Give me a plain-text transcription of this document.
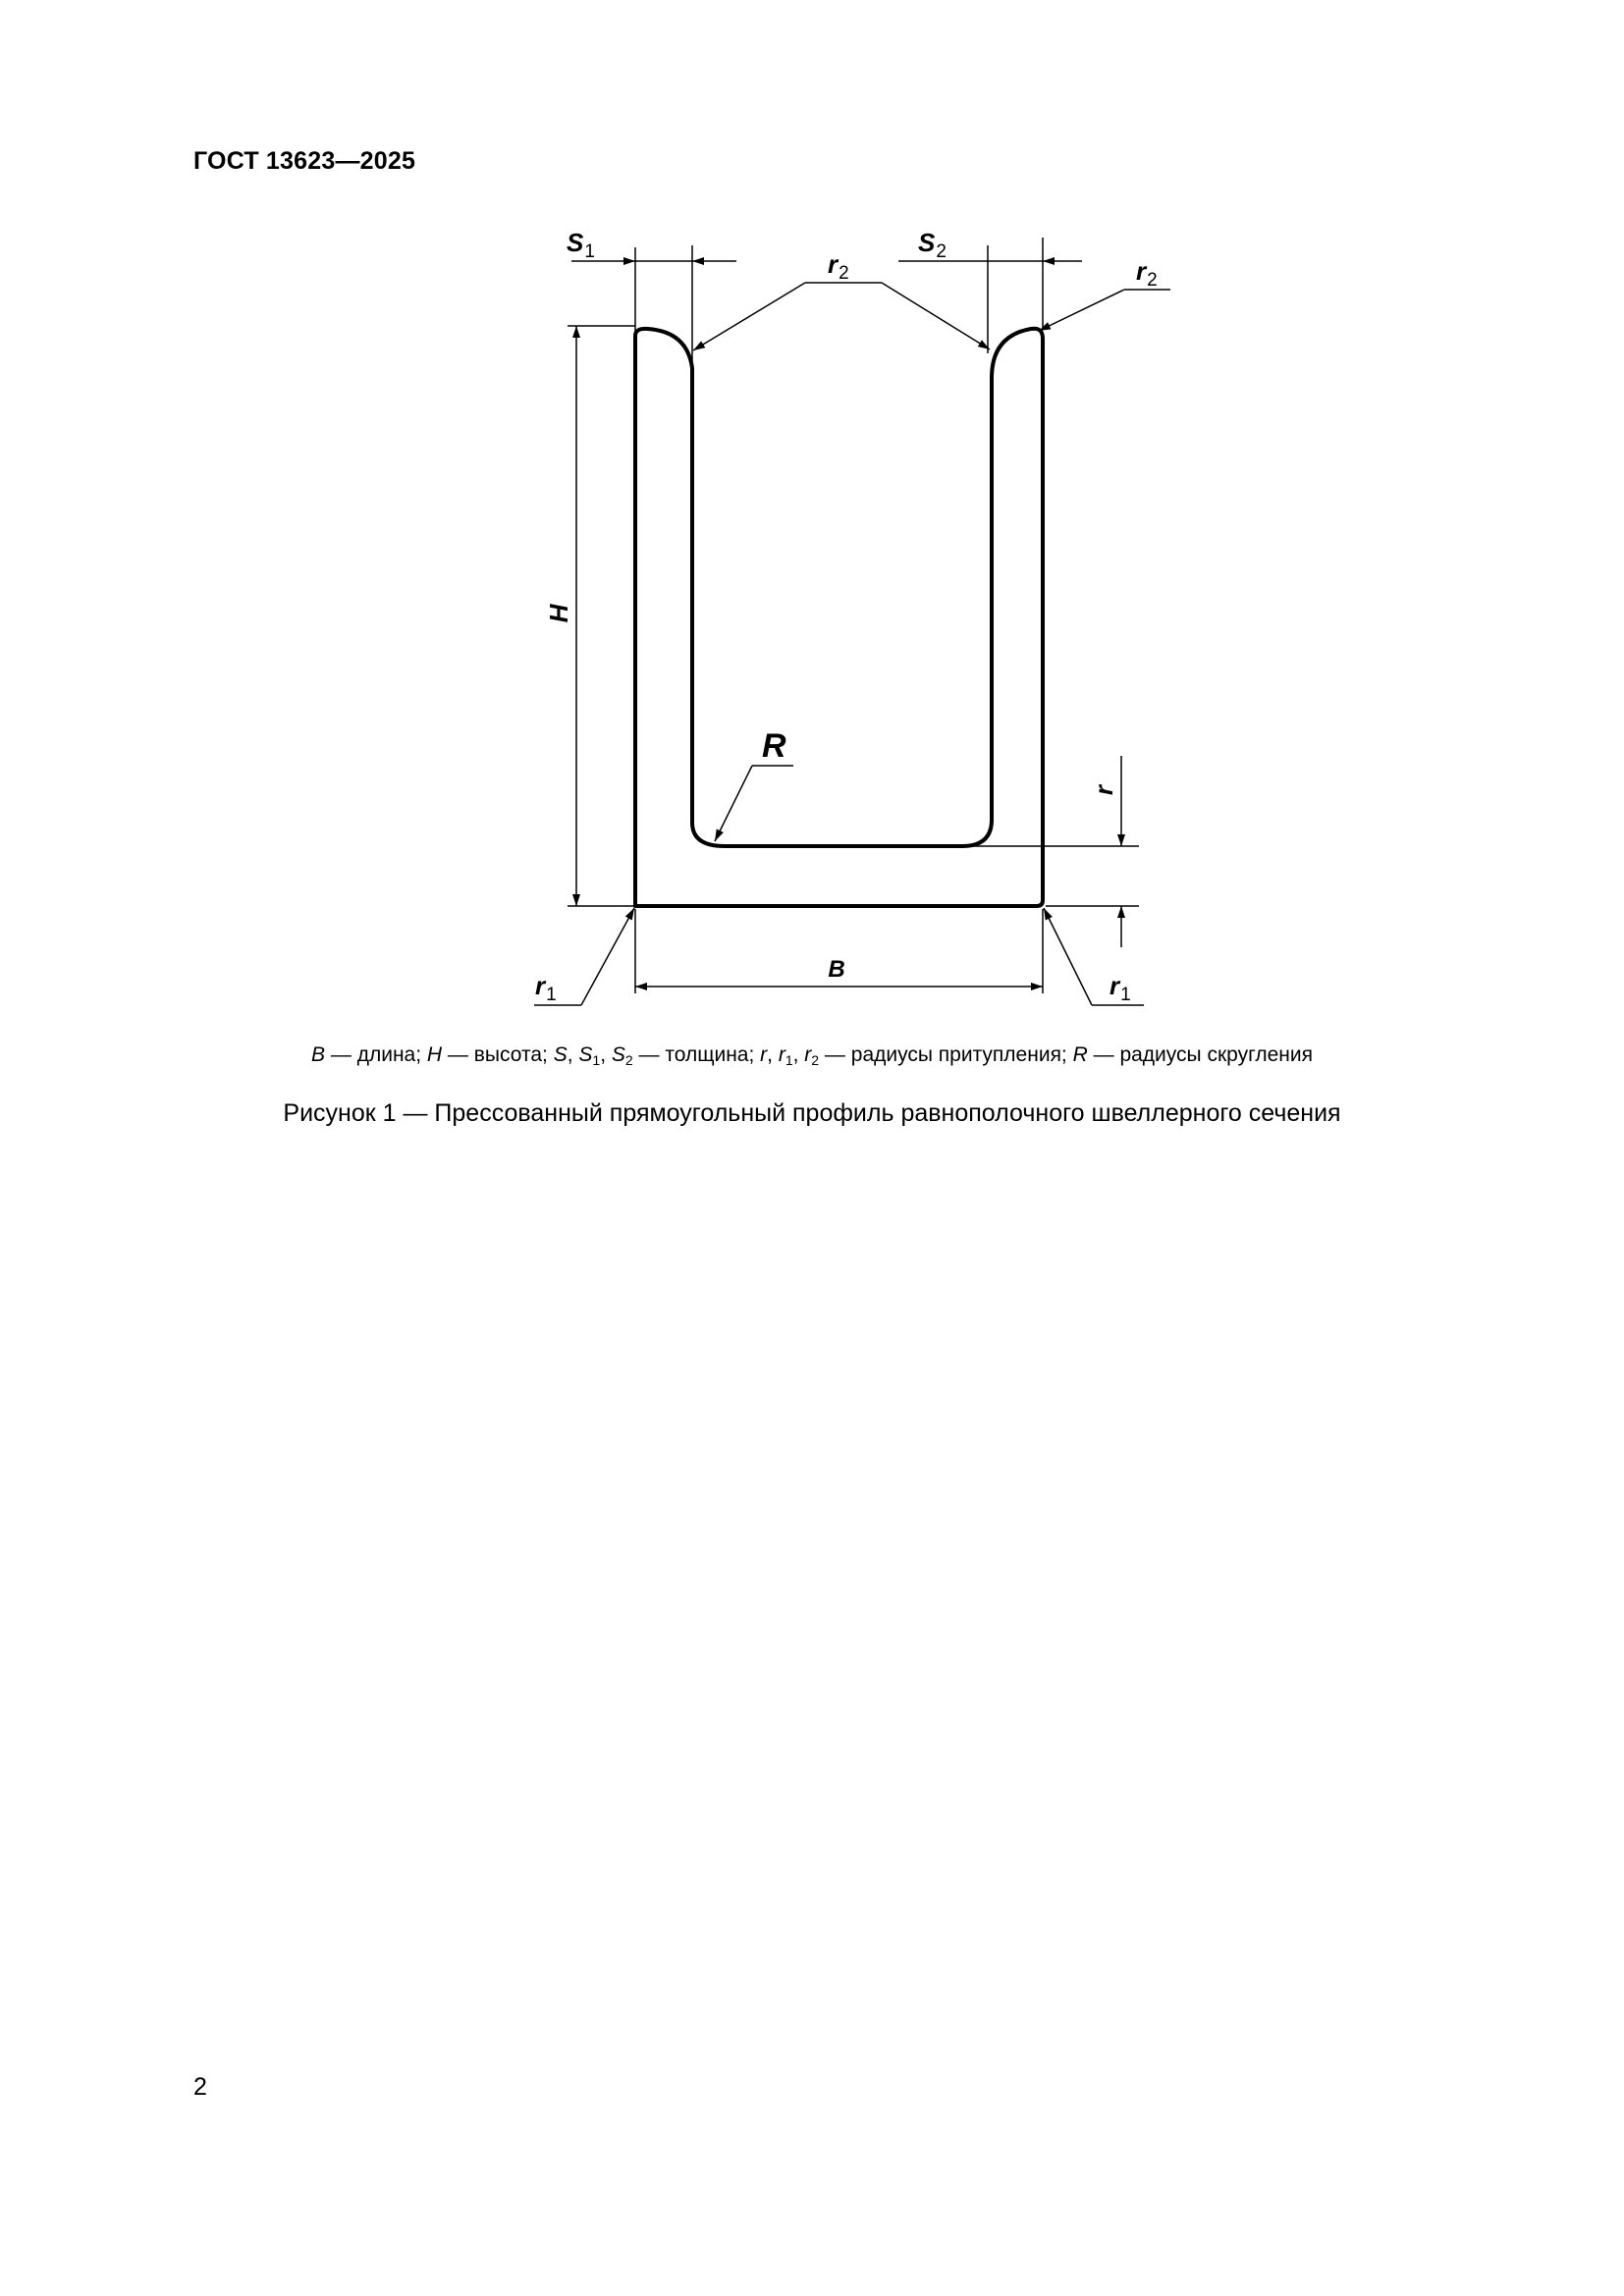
ГОСТ 13623—2025
$S_1$	$S_2$
$r_2$	$r_2$
H
R
r
B
$r_1$	$r_1$
B — длина; H — высота; S, $S_1$, $S_2$ — толщина; r, $r_1$, $r_2$ — радиусы притупления; R — радиусы скругления
Рисунок 1 — Прессованный прямоугольный профиль равнополочного швеллерного сечения
2
